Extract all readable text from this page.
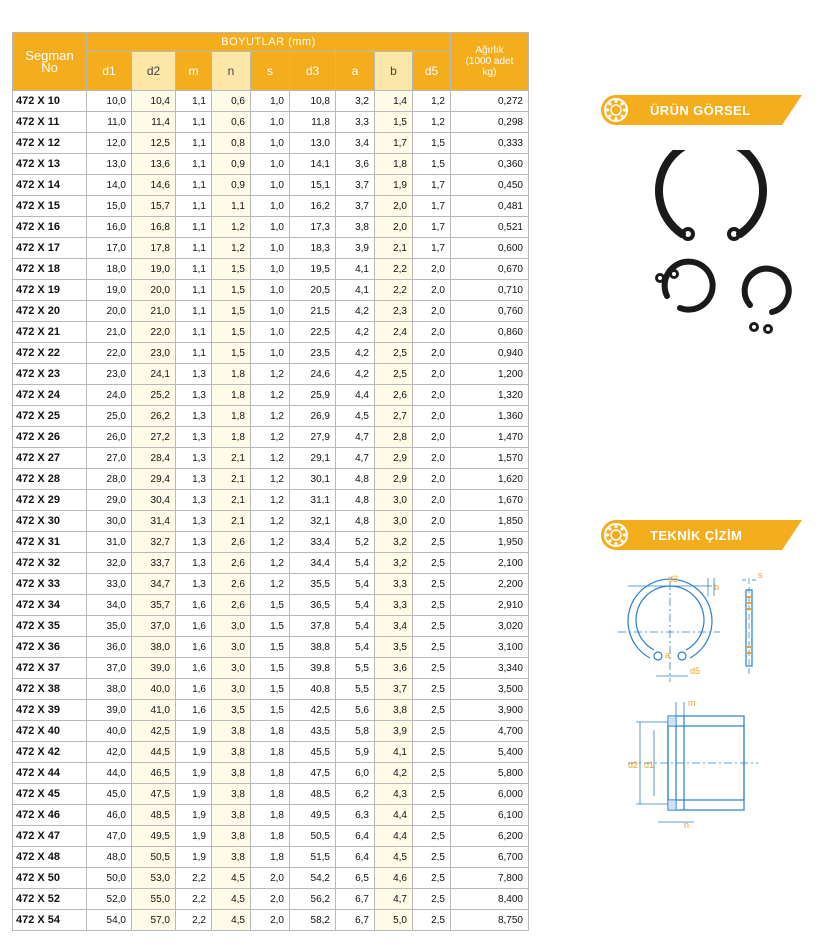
Segman
No	BOYUTLAR (mm)									Ağırlık
(1000 adet
kg)
	d1	d2	m	n	s	d3	a	b	d5	
472 X 10	10,0	10,4	1,1	0,6	1,0	10,8	3,2	1,4	1,2	0,272
472 X 11	11,0	11,4	1,1	0,6	1,0	11,8	3,3	1,5	1,2	0,298
472 X 12	12,0	12,5	1,1	0,8	1,0	13,0	3,4	1,7	1,5	0,333
472 X 13	13,0	13,6	1,1	0,9	1,0	14,1	3,6	1,8	1,5	0,360
472 X 14	14,0	14,6	1,1	0,9	1,0	15,1	3,7	1,9	1,7	0,450
472 X 15	15,0	15,7	1,1	1,1	1,0	16,2	3,7	2,0	1,7	0,481
472 X 16	16,0	16,8	1,1	1,2	1,0	17,3	3,8	2,0	1,7	0,521
472 X 17	17,0	17,8	1,1	1,2	1,0	18,3	3,9	2,1	1,7	0,600
472 X 18	18,0	19,0	1,1	1,5	1,0	19,5	4,1	2,2	2,0	0,670
472 X 19	19,0	20,0	1,1	1,5	1,0	20,5	4,1	2,2	2,0	0,710
472 X 20	20,0	21,0	1,1	1,5	1,0	21,5	4,2	2,3	2,0	0,760
472 X 21	21,0	22,0	1,1	1,5	1,0	22,5	4,2	2,4	2,0	0,860
472 X 22	22,0	23,0	1,1	1,5	1,0	23,5	4,2	2,5	2,0	0,940
472 X 23	23,0	24,1	1,3	1,8	1,2	24,6	4,2	2,5	2,0	1,200
472 X 24	24,0	25,2	1,3	1,8	1,2	25,9	4,4	2,6	2,0	1,320
472 X 25	25,0	26,2	1,3	1,8	1,2	26,9	4,5	2,7	2,0	1,360
472 X 26	26,0	27,2	1,3	1,8	1,2	27,9	4,7	2,8	2,0	1,470
472 X 27	27,0	28,4	1,3	2,1	1,2	29,1	4,7	2,9	2,0	1,570
472 X 28	28,0	29,4	1,3	2,1	1,2	30,1	4,8	2,9	2,0	1,620
472 X 29	29,0	30,4	1,3	2,1	1,2	31,1	4,8	3,0	2,0	1,670
472 X 30	30,0	31,4	1,3	2,1	1,2	32,1	4,8	3,0	2,0	1,850
472 X 31	31,0	32,7	1,3	2,6	1,2	33,4	5,2	3,2	2,5	1,950
472 X 32	32,0	33,7	1,3	2,6	1,2	34,4	5,4	3,2	2,5	2,100
472 X 33	33,0	34,7	1,3	2,6	1,2	35,5	5,4	3,3	2,5	2,200
472 X 34	34,0	35,7	1,6	2,6	1,5	36,5	5,4	3,3	2,5	2,910
472 X 35	35,0	37,0	1,6	3,0	1,5	37,8	5,4	3,4	2,5	3,020
472 X 36	36,0	38,0	1,6	3,0	1,5	38,8	5,4	3,5	2,5	3,100
472 X 37	37,0	39,0	1,6	3,0	1,5	39,8	5,5	3,6	2,5	3,340
472 X 38	38,0	40,0	1,6	3,0	1,5	40,8	5,5	3,7	2,5	3,500
472 X 39	39,0	41,0	1,6	3,5	1,5	42,5	5,6	3,8	2,5	3,900
472 X 40	40,0	42,5	1,9	3,8	1,8	43,5	5,8	3,9	2,5	4,700
472 X 42	42,0	44,5	1,9	3,8	1,8	45,5	5,9	4,1	2,5	5,400
472 X 44	44,0	46,5	1,9	3,8	1,8	47,5	6,0	4,2	2,5	5,800
472 X 45	45,0	47,5	1,9	3,8	1,8	48,5	6,2	4,3	2,5	6,000
472 X 46	46,0	48,5	1,9	3,8	1,8	49,5	6,3	4,4	2,5	6,100
472 X 47	47,0	49,5	1,9	3,8	1,8	50,5	6,4	4,4	2,5	6,200
472 X 48	48,0	50,5	1,9	3,8	1,8	51,5	6,4	4,5	2,5	6,700
472 X 50	50,0	53,0	2,2	4,5	2,0	54,2	6,5	4,6	2,5	7,800
472 X 52	52,0	55,0	2,2	4,5	2,0	56,2	6,7	4,7	2,5	8,400
472 X 54	54,0	57,0	2,2	4,5	2,0	58,2	6,7	5,0	2,5	8,750
ÜRÜN GÖRSEL
TEKNİK ÇİZİM
d3
b
s
a
d5
m
d2 d1
n
